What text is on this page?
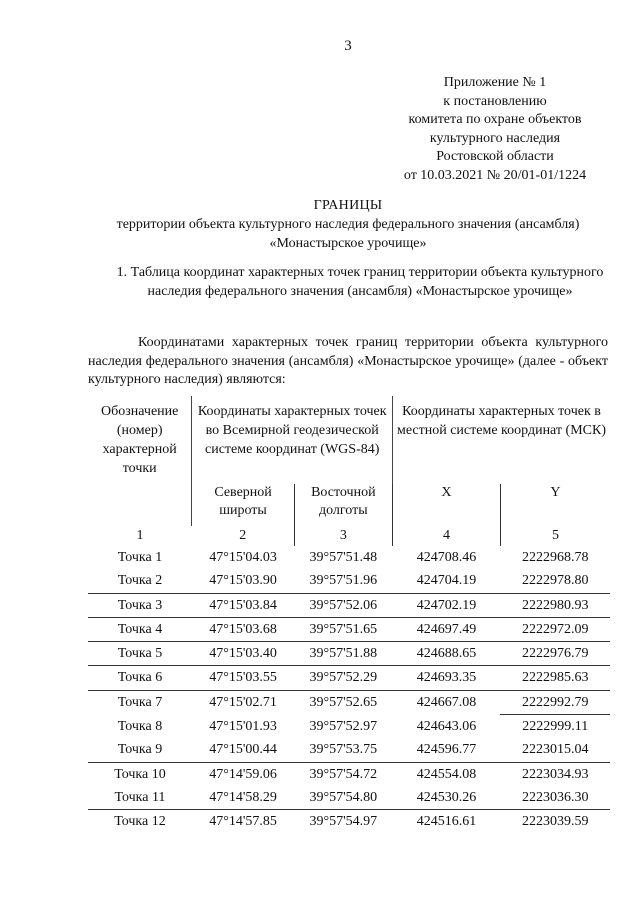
3
Приложение № 1
к постановлению
комитета по охране объектов
культурного наследия
Ростовской области
от 10.03.2021 № 20/01-01/1224
ГРАНИЦЫ
территории объекта культурного наследия федерального значения (ансамбля)
«Монастырское урочище»
1. Таблица координат характерных точек границ территории объекта культурного наследия федерального значения (ансамбля) «Монастырское урочище»
Координатами характерных точек границ территории объекта культурного наследия федерального значения (ансамбля) «Монастырское урочище» (далее - объект культурного наследия) являются:
Обозначение (номер) характерной точки	Координаты характерных точек во Всемирной геодезической системе координат (WGS-84)		Координаты характерных точек в местной системе координат (МСК)	
	Северной широты	Восточной долготы	X	Y
1	2	3	4	5
Точка 1	47°15'04.03	39°57'51.48	424708.46	2222968.78
Точка 2	47°15'03.90	39°57'51.96	424704.19	2222978.80
Точка 3	47°15'03.84	39°57'52.06	424702.19	2222980.93
Точка 4	47°15'03.68	39°57'51.65	424697.49	2222972.09
Точка 5	47°15'03.40	39°57'51.88	424688.65	2222976.79
Точка 6	47°15'03.55	39°57'52.29	424693.35	2222985.63
Точка 7	47°15'02.71	39°57'52.65	424667.08	2222992.79
Точка 8	47°15'01.93	39°57'52.97	424643.06	2222999.11
Точка 9	47°15'00.44	39°57'53.75	424596.77	2223015.04
Точка 10	47°14'59.06	39°57'54.72	424554.08	2223034.93
Точка 11	47°14'58.29	39°57'54.80	424530.26	2223036.30
Точка 12	47°14'57.85	39°57'54.97	424516.61	2223039.59
